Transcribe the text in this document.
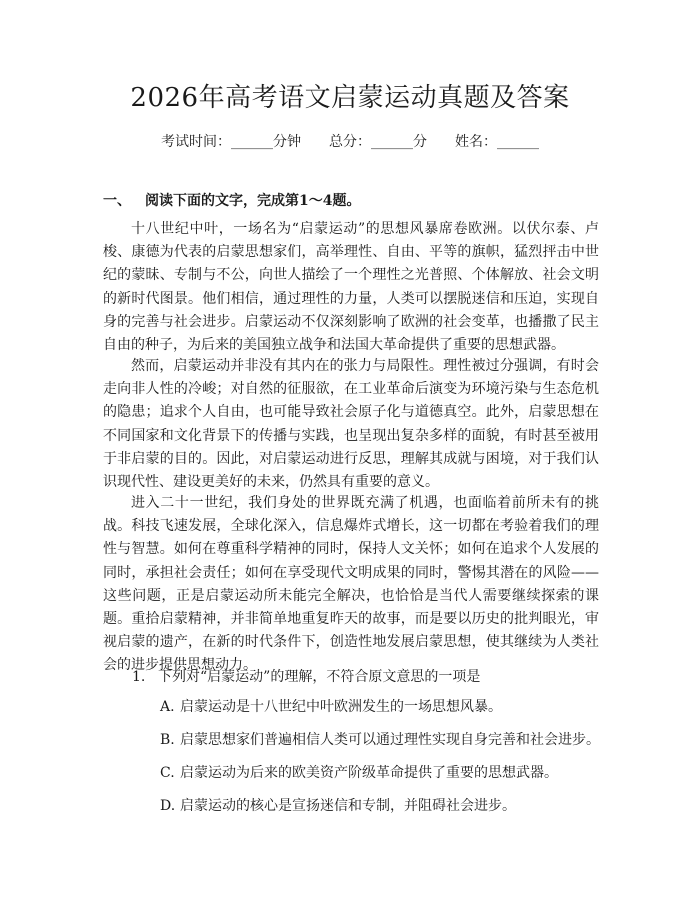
2026年高考语文启蒙运动真题及答案
考试时间：______分钟 总分：______分 姓名：______
一、 阅读下面的文字，完成第1～4题。

十八世纪中叶，一场名为“启蒙运动”的思想风暴席卷欧洲。以伏尔泰、卢梭、康德为代表的启蒙思想家们，高举理性、自由、平等的旗帜，猛烈抨击中世纪的蒙昧、专制与不公，向世人描绘了一个理性之光普照、个体解放、社会文明的新时代图景。他们相信，通过理性的力量，人类可以摆脱迷信和压迫，实现自身的完善与社会进步。启蒙运动不仅深刻影响了欧洲的社会变革，也播撒了民主自由的种子，为后来的美国独立战争和法国大革命提供了重要的思想武器。

然而，启蒙运动并非没有其内在的张力与局限性。理性被过分强调，有时会走向非人性的冷峻；对自然的征服欲，在工业革命后演变为环境污染与生态危机的隐患；追求个人自由，也可能导致社会原子化与道德真空。此外，启蒙思想在不同国家和文化背景下的传播与实践，也呈现出复杂多样的面貌，有时甚至被用于非启蒙的目的。因此，对启蒙运动进行反思，理解其成就与困境，对于我们认识现代性、建设更美好的未来，仍然具有重要的意义。

进入二十一世纪，我们身处的世界既充满了机遇，也面临着前所未有的挑战。科技飞速发展，全球化深入，信息爆炸式增长，这一切都在考验着我们的理性与智慧。如何在尊重科学精神的同时，保持人文关怀；如何在追求个人发展的同时，承担社会责任；如何在享受现代文明成果的同时，警惕其潜在的风险——这些问题，正是启蒙运动所未能完全解决，也恰恰是当代人需要继续探索的课题。重拾启蒙精神，并非简单地重复昨天的故事，而是要以历史的批判眼光，审视启蒙的遗产，在新的时代条件下，创造性地发展启蒙思想，使其继续为人类社会的进步提供思想动力。

1. 下列对“启蒙运动”的理解，不符合原文意思的一项是
A. 启蒙运动是十八世纪中叶欧洲发生的一场思想风暴。
B. 启蒙思想家们普遍相信人类可以通过理性实现自身完善和社会进步。
C. 启蒙运动为后来的欧美资产阶级革命提供了重要的思想武器。
D. 启蒙运动的核心是宣扬迷信和专制，并阻碍社会进步。
